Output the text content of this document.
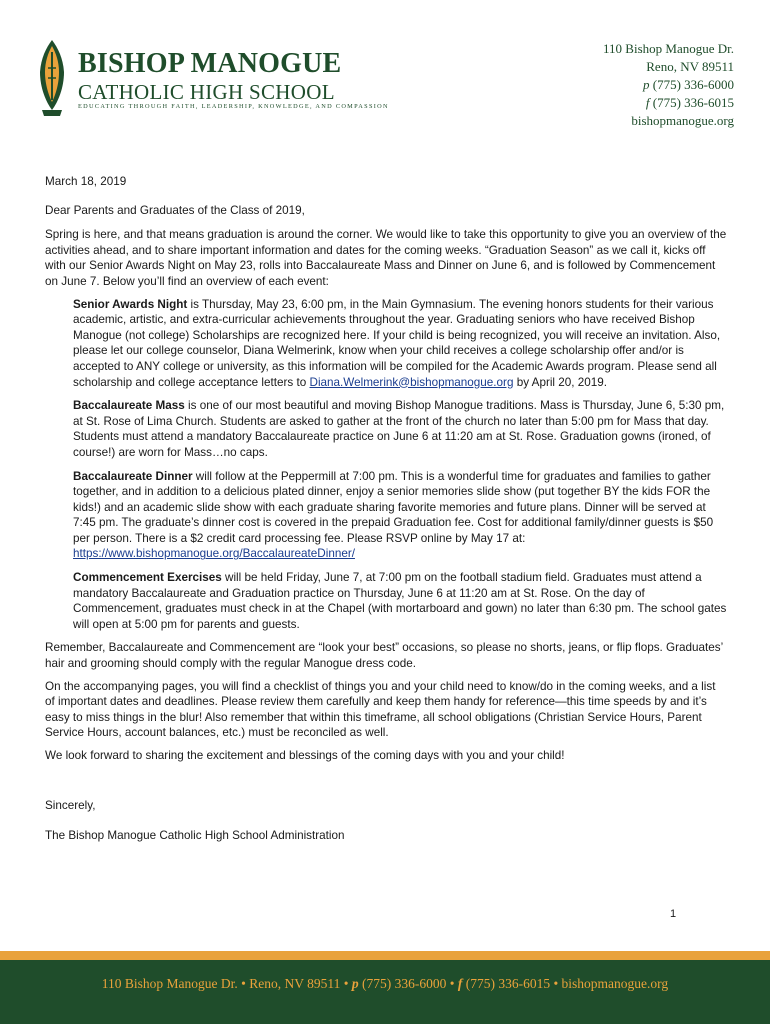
BISHOP MANOGUE
CATHOLIC HIGH SCHOOL
EDUCATING THROUGH FAITH, LEADERSHIP, KNOWLEDGE, AND COMPASSION
110 Bishop Manogue Dr.
Reno, NV 89511
p (775) 336-6000
f (775) 336-6015
bishopmanogue.org

March 18, 2019

Dear Parents and Graduates of the Class of 2019,

Spring is here, and that means graduation is around the corner. We would like to take this opportunity to give you an overview of the activities ahead, and to share important information and dates for the coming weeks. “Graduation Season” as we call it, kicks off with our Senior Awards Night on May 23, rolls into Baccalaureate Mass and Dinner on June 6, and is followed by Commencement on June 7. Below you’ll find an overview of each event:

Senior Awards Night is Thursday, May 23, 6:00 pm, in the Main Gymnasium. The evening honors students for their various academic, artistic, and extra-curricular achievements throughout the year. Graduating seniors who have received Bishop Manogue (not college) Scholarships are recognized here. If your child is being recognized, you will receive an invitation. Also, please let our college counselor, Diana Welmerink, know when your child receives a college scholarship offer and/or is accepted to ANY college or university, as this information will be compiled for the Academic Awards program. Please send all scholarship and college acceptance letters to Diana.Welmerink@bishopmanogue.org by April 20, 2019.

Baccalaureate Mass is one of our most beautiful and moving Bishop Manogue traditions. Mass is Thursday, June 6, 5:30 pm, at St. Rose of Lima Church. Students are asked to gather at the front of the church no later than 5:00 pm for Mass that day. Students must attend a mandatory Baccalaureate practice on June 6 at 11:20 am at St. Rose. Graduation gowns (ironed, of course!) are worn for Mass…no caps.

Baccalaureate Dinner will follow at the Peppermill at 7:00 pm. This is a wonderful time for graduates and families to gather together, and in addition to a delicious plated dinner, enjoy a senior memories slide show (put together BY the kids FOR the kids!) and an academic slide show with each graduate sharing favorite memories and future plans. Dinner will be served at 7:45 pm. The graduate’s dinner cost is covered in the prepaid Graduation fee. Cost for additional family/dinner guests is $50 per person. There is a $2 credit card processing fee. Please RSVP online by May 17 at: https://www.bishopmanogue.org/BaccalaureateDinner/

Commencement Exercises will be held Friday, June 7, at 7:00 pm on the football stadium field. Graduates must attend a mandatory Baccalaureate and Graduation practice on Thursday, June 6 at 11:20 am at St. Rose. On the day of Commencement, graduates must check in at the Chapel (with mortarboard and gown) no later than 6:30 pm. The school gates will open at 5:00 pm for parents and guests.

Remember, Baccalaureate and Commencement are “look your best” occasions, so please no shorts, jeans, or flip flops. Graduates’ hair and grooming should comply with the regular Manogue dress code.

On the accompanying pages, you will find a checklist of things you and your child need to know/do in the coming weeks, and a list of important dates and deadlines. Please review them carefully and keep them handy for reference—this time speeds by and it’s easy to miss things in the blur! Also remember that within this timeframe, all school obligations (Christian Service Hours, Parent Service Hours, account balances, etc.) must be reconciled as well.

We look forward to sharing the excitement and blessings of the coming days with you and your child!

Sincerely,

The Bishop Manogue Catholic High School Administration

1
110 Bishop Manogue Dr. • Reno, NV 89511 • p (775) 336-6000 • f (775) 336-6015 • bishopmanogue.org
